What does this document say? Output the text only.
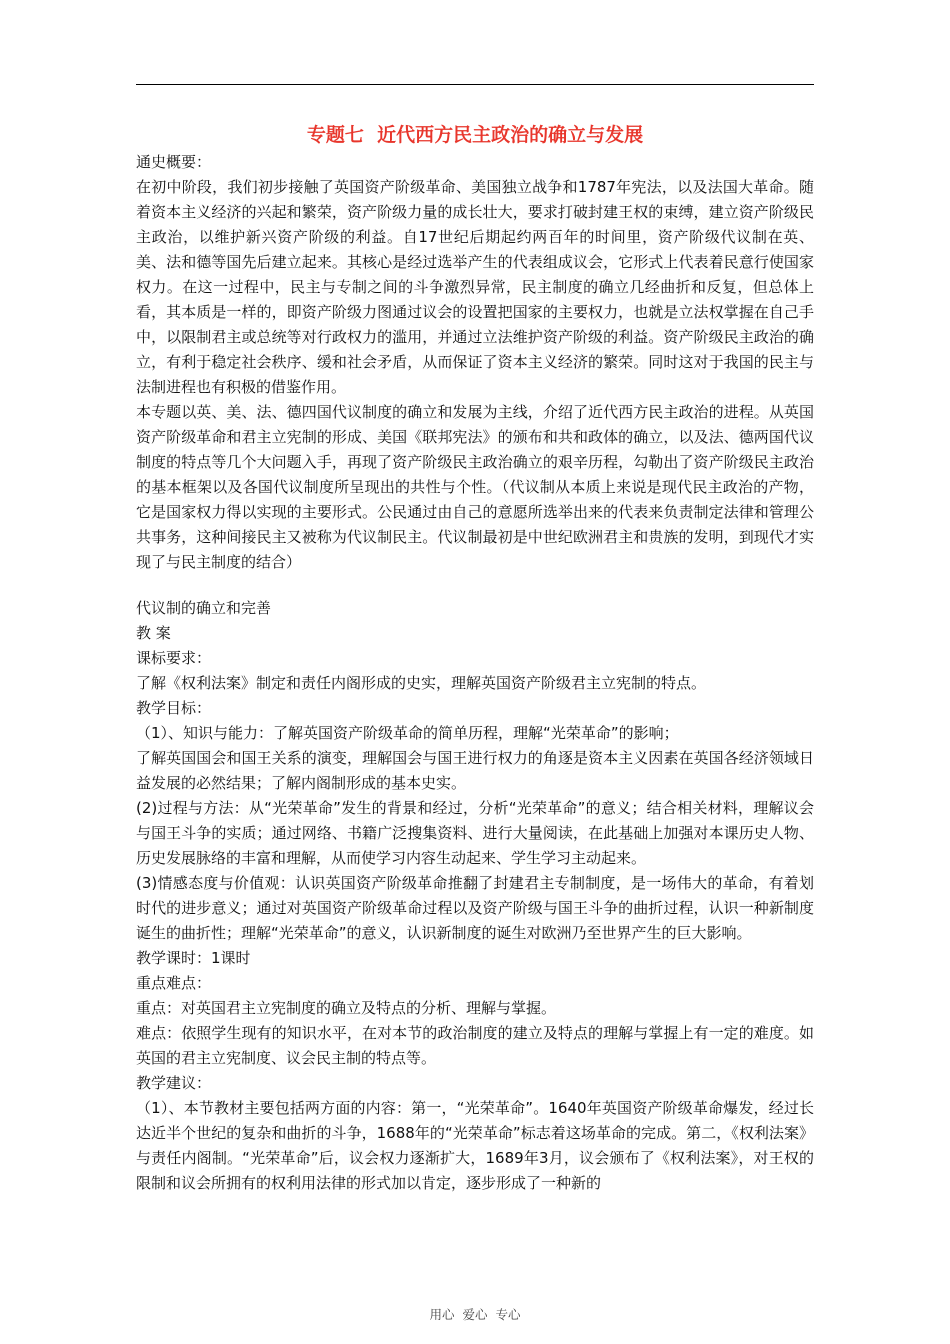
专题七  近代西方民主政治的确立与发展

通史概要：

在初中阶段，我们初步接触了英国资产阶级革命、美国独立战争和1787年宪法，以及法国大革命。随着资本主义经济的兴起和繁荣，资产阶级力量的成长壮大，要求打破封建王权的束缚，建立资产阶级民主政治，以维护新兴资产阶级的利益。自17世纪后期起约两百年的时间里，资产阶级代议制在英、美、法和德等国先后建立起来。其核心是经过选举产生的代表组成议会，它形式上代表着民意行使国家权力。在这一过程中，民主与专制之间的斗争激烈异常，民主制度的确立几经曲折和反复，但总体上看，其本质是一样的，即资产阶级力图通过议会的设置把国家的主要权力，也就是立法权掌握在自己手中，以限制君主或总统等对行政权力的滥用，并通过立法维护资产阶级的利益。资产阶级民主政治的确立，有利于稳定社会秩序、缓和社会矛盾，从而保证了资本主义经济的繁荣。同时这对于我国的民主与法制进程也有积极的借鉴作用。

本专题以英、美、法、德四国代议制度的确立和发展为主线，介绍了近代西方民主政治的进程。从英国资产阶级革命和君主立宪制的形成、美国《联邦宪法》的颁布和共和政体的确立，以及法、德两国代议制度的特点等几个大问题入手，再现了资产阶级民主政治确立的艰辛历程，勾勒出了资产阶级民主政治的基本框架以及各国代议制度所呈现出的共性与个性。（代议制从本质上来说是现代民主政治的产物，它是国家权力得以实现的主要形式。公民通过由自己的意愿所选举出来的代表来负责制定法律和管理公共事务，这种间接民主又被称为代议制民主。代议制最初是中世纪欧洲君主和贵族的发明，到现代才实现了与民主制度的结合）

代议制的确立和完善

教 案

课标要求：

了解《权利法案》制定和责任内阁形成的史实，理解英国资产阶级君主立宪制的特点。

教学目标：

（1）、知识与能力：了解英国资产阶级革命的简单历程，理解“光荣革命”的影响；

了解英国国会和国王关系的演变，理解国会与国王进行权力的角逐是资本主义因素在英国各经济领域日益发展的必然结果；了解内阁制形成的基本史实。

(2)过程与方法：从“光荣革命”发生的背景和经过，分析“光荣革命”的意义；结合相关材料，理解议会与国王斗争的实质；通过网络、书籍广泛搜集资料、进行大量阅读，在此基础上加强对本课历史人物、历史发展脉络的丰富和理解，从而使学习内容生动起来、学生学习主动起来。

(3)情感态度与价值观：认识英国资产阶级革命推翻了封建君主专制制度，是一场伟大的革命，有着划时代的进步意义；通过对英国资产阶级革命过程以及资产阶级与国王斗争的曲折过程，认识一种新制度诞生的曲折性；理解“光荣革命”的意义，认识新制度的诞生对欧洲乃至世界产生的巨大影响。

教学课时：1课时

重点难点：

重点：对英国君主立宪制度的确立及特点的分析、理解与掌握。

难点：依照学生现有的知识水平，在对本节的政治制度的建立及特点的理解与掌握上有一定的难度。如英国的君主立宪制度、议会民主制的特点等。

教学建议：

（1）、本节教材主要包括两方面的内容：第一，“光荣革命”。1640年英国资产阶级革命爆发，经过长达近半个世纪的复杂和曲折的斗争，1688年的“光荣革命”标志着这场革命的完成。第二，《权利法案》与责任内阁制。“光荣革命”后，议会权力逐渐扩大，1689年3月，议会颁布了《权利法案》，对王权的限制和议会所拥有的权利用法律的形式加以肯定，逐步形成了一种新的

用心  爱心  专心
